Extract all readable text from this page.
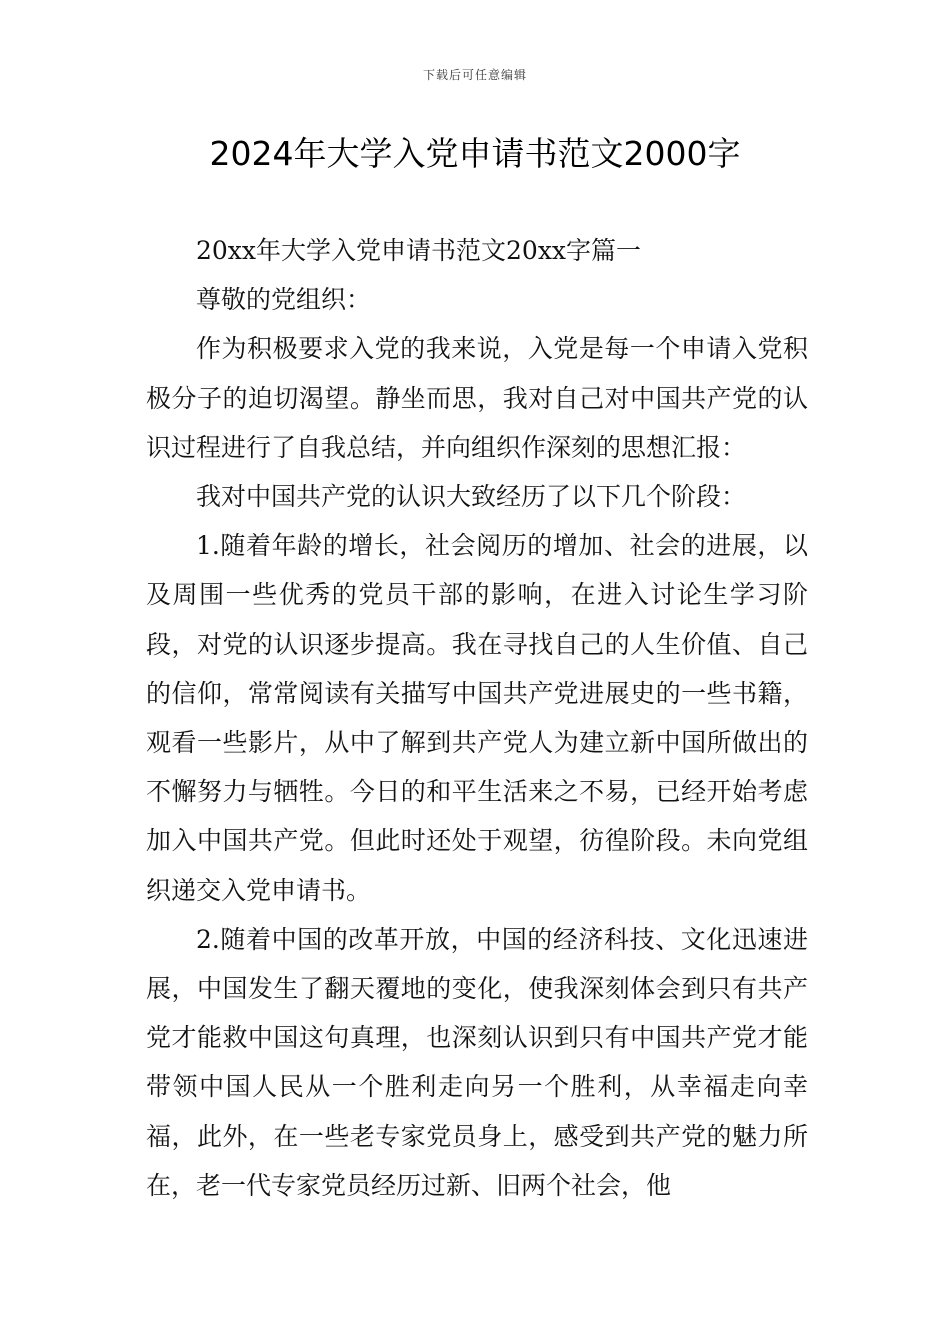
下载后可任意编辑
2024年大学入党申请书范文2000字

20xx年大学入党申请书范文20xx字篇一

尊敬的党组织：

作为积极要求入党的我来说，入党是每一个申请入党积极分子的迫切渴望。静坐而思，我对自己对中国共产党的认识过程进行了自我总结，并向组织作深刻的思想汇报：

我对中国共产党的认识大致经历了以下几个阶段：

1.随着年龄的增长，社会阅历的增加、社会的进展，以及周围一些优秀的党员干部的影响，在进入讨论生学习阶段，对党的认识逐步提高。我在寻找自己的人生价值、自己的信仰，常常阅读有关描写中国共产党进展史的一些书籍，观看一些影片，从中了解到共产党人为建立新中国所做出的不懈努力与牺牲。今日的和平生活来之不易，已经开始考虑加入中国共产党。但此时还处于观望，彷徨阶段。未向党组织递交入党申请书。

2.随着中国的改革开放，中国的经济科技、文化迅速进展，中国发生了翻天覆地的变化，使我深刻体会到只有共产党才能救中国这句真理，也深刻认识到只有中国共产党才能带领中国人民从一个胜利走向另一个胜利，从幸福走向幸福，此外，在一些老专家党员身上，感受到共产党的魅力所在，老一代专家党员经历过新、旧两个社会，他
